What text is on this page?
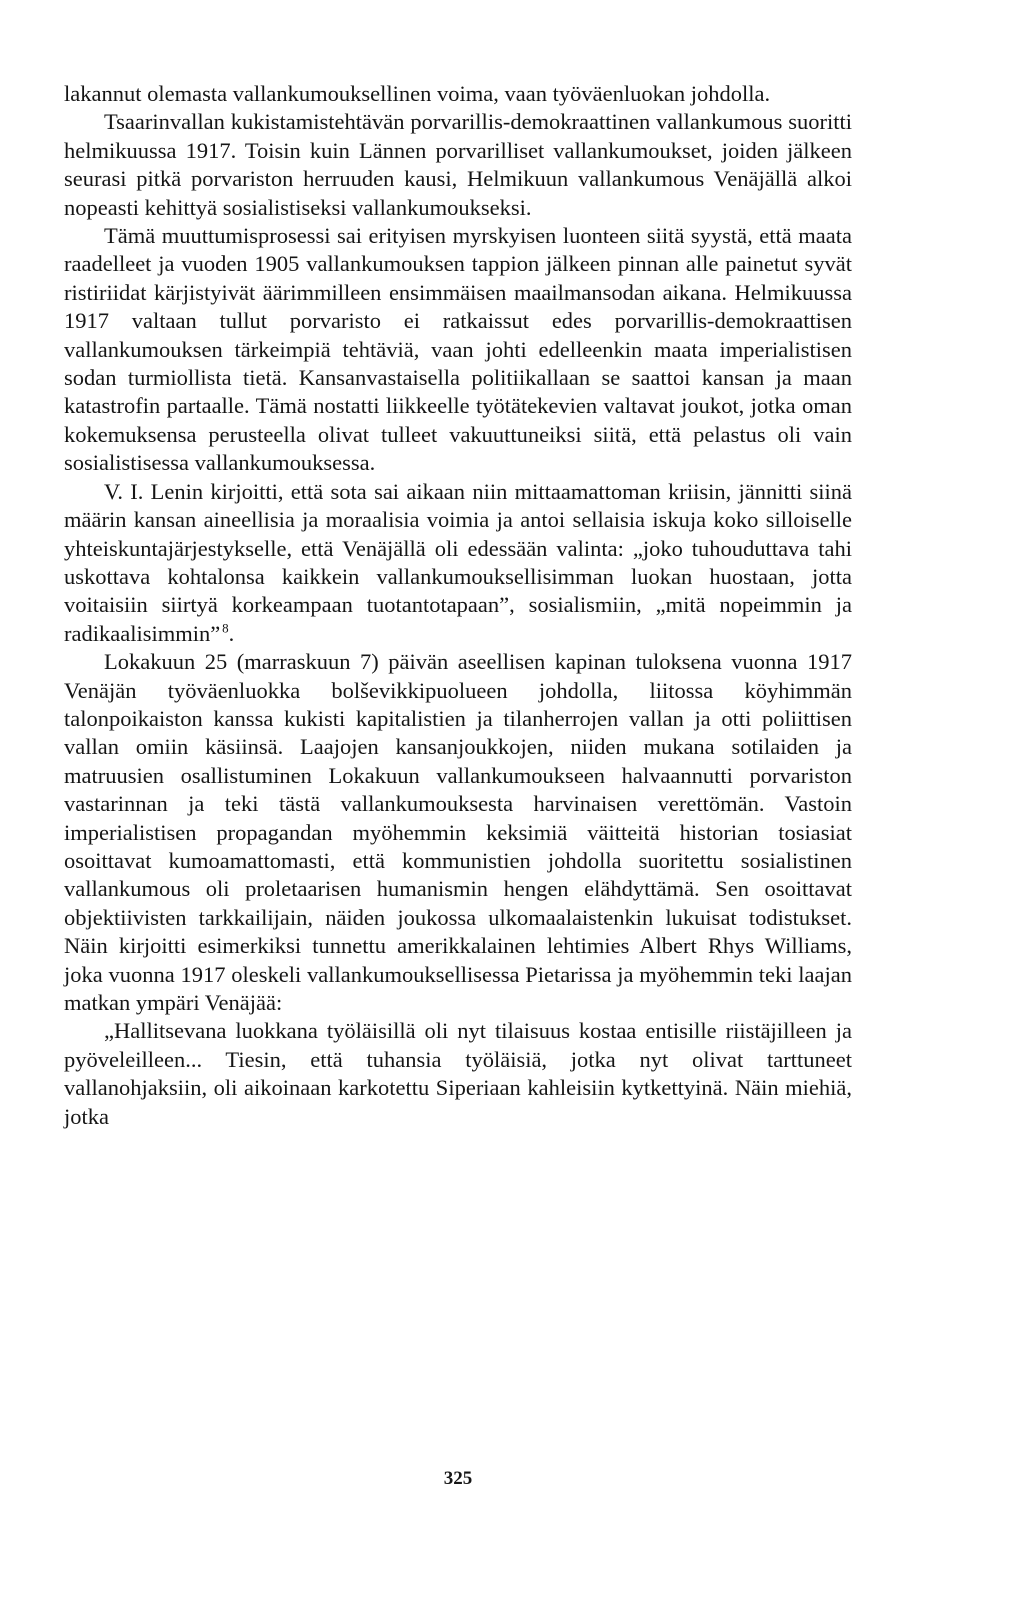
lakannut olemasta vallankumouksellinen voima, vaan työväenluokan johdolla.

Tsaarinvallan kukistamistehtävän porvarillis-demokraattinen vallankumous suoritti helmikuussa 1917. Toisin kuin Lännen porvarilliset vallankumoukset, joiden jälkeen seurasi pitkä porvariston herruuden kausi, Helmikuun vallankumous Venäjällä alkoi nopeasti kehittyä sosialistiseksi vallankumoukseksi.

Tämä muuttumisprosessi sai erityisen myrskyisen luonteen siitä syystä, että maata raadelleet ja vuoden 1905 vallankumouksen tappion jälkeen pinnan alle painetut syvät ristiriidat kärjistyivät äärimmilleen ensimmäisen maailmansodan aikana. Helmikuussa 1917 valtaan tullut porvaristo ei ratkaissut edes porvarillis-demokraattisen vallankumouksen tärkeimpiä tehtäviä, vaan johti edelleenkin maata imperialistisen sodan turmiollista tietä. Kansanvastaisella politiikallaan se saattoi kansan ja maan katastrofin partaalle. Tämä nostatti liikkeelle työtätekevien valtavat joukot, jotka oman kokemuksensa perusteella olivat tulleet vakuuttuneiksi siitä, että pelastus oli vain sosialistisessa vallankumouksessa.

V. I. Lenin kirjoitti, että sota sai aikaan niin mittaamattoman kriisin, jännitti siinä määrin kansan aineellisia ja moraalisia voimia ja antoi sellaisia iskuja koko silloiselle yhteiskuntajärjestykselle, että Venäjällä oli edessään valinta: „joko tuhouduttava tahi uskottava kohtalonsa kaikkein vallankumouksellisimman luokan huostaan, jotta voitaisiin siirtyä korkeampaan tuotantotapaan”, sosialismiin, „mitä nopeimmin ja radikaalisimmin”  $^8$.

Lokakuun 25 (marraskuun 7) päivän aseellisen kapinan tuloksena vuonna 1917 Venäjän työväenluokka bolševikkipuolueen johdolla, liitossa köyhimmän talonpoikaiston kanssa kukisti kapitalistien ja tilanherrojen vallan ja otti poliittisen vallan omiin käsiinsä. Laajojen kansanjoukkojen, niiden mukana sotilaiden ja matruusien osallistuminen Lokakuun vallankumoukseen halvaannutti porvariston vastarinnan ja teki tästä vallankumouksesta harvinaisen verettömän. Vastoin imperialistisen propagandan myöhemmin keksimiä väitteitä historian tosiasiat osoittavat kumoamattomasti, että kommunistien johdolla suoritettu sosialistinen vallankumous oli proletaarisen humanismin hengen elähdyttämä. Sen osoittavat objektiivisten tarkkailijain, näiden joukossa ulkomaalaistenkin lukuisat todistukset. Näin kirjoitti esimerkiksi tunnettu amerikkalainen lehtimies Albert Rhys Williams, joka vuonna 1917 oleskeli vallankumouksellisessa Pietarissa ja myöhemmin teki laajan matkan ympäri Venäjää:

„Hallitsevana luokkana työläisillä oli nyt tilaisuus kostaa entisille riistäjilleen ja pyöveleilleen... Tiesin, että tuhansia työläisiä, jotka nyt olivat tarttuneet vallanohjaksiin, oli aikoinaan karkotettu Siperiaan kahleisiin kytkettyinä. Näin miehiä, jotka

325
